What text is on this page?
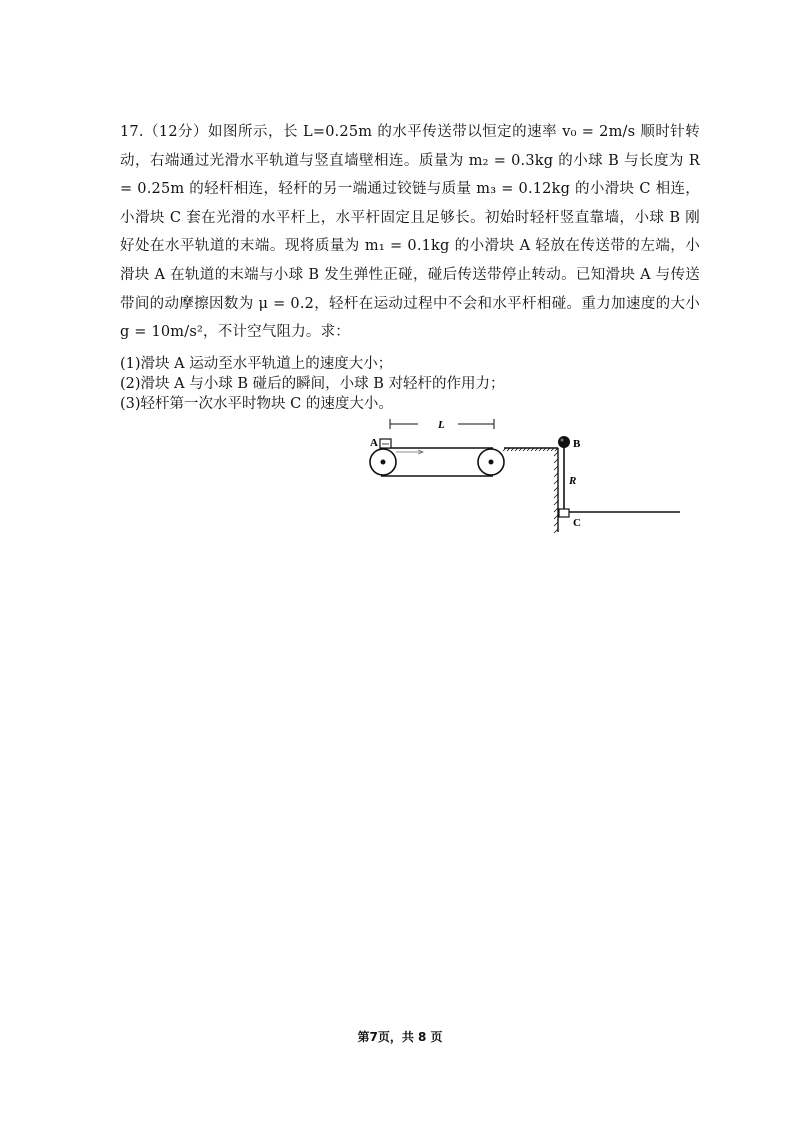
17.（12分）如图所示，长 L=0.25m 的水平传送带以恒定的速率 v₀ = 2m/s 顺时针转动，右端通过光滑水平轨道与竖直墙壁相连。质量为 m₂ = 0.3kg 的小球 B 与长度为 R = 0.25m 的轻杆相连，轻杆的另一端通过铰链与质量 m₃ = 0.12kg 的小滑块 C 相连，小滑块 C 套在光滑的水平杆上，水平杆固定且足够长。初始时轻杆竖直靠墙，小球 B 刚好处在水平轨道的末端。现将质量为 m₁ = 0.1kg 的小滑块 A 轻放在传送带的左端，小滑块 A 在轨道的末端与小球 B 发生弹性正碰，碰后传送带停止转动。已知滑块 A 与传送带间的动摩擦因数为 μ = 0.2，轻杆在运动过程中不会和水平杆相碰。重力加速度的大小 g = 10m/s²，不计空气阻力。求：

(1)滑块 A 运动至水平轨道上的速度大小；
(2)滑块 A 与小球 B 碰后的瞬间，小球 B 对轻杆的作用力；
(3)轻杆第一次水平时物块 C 的速度大小。
L
A
R
B
C
第7页，共 8 页
